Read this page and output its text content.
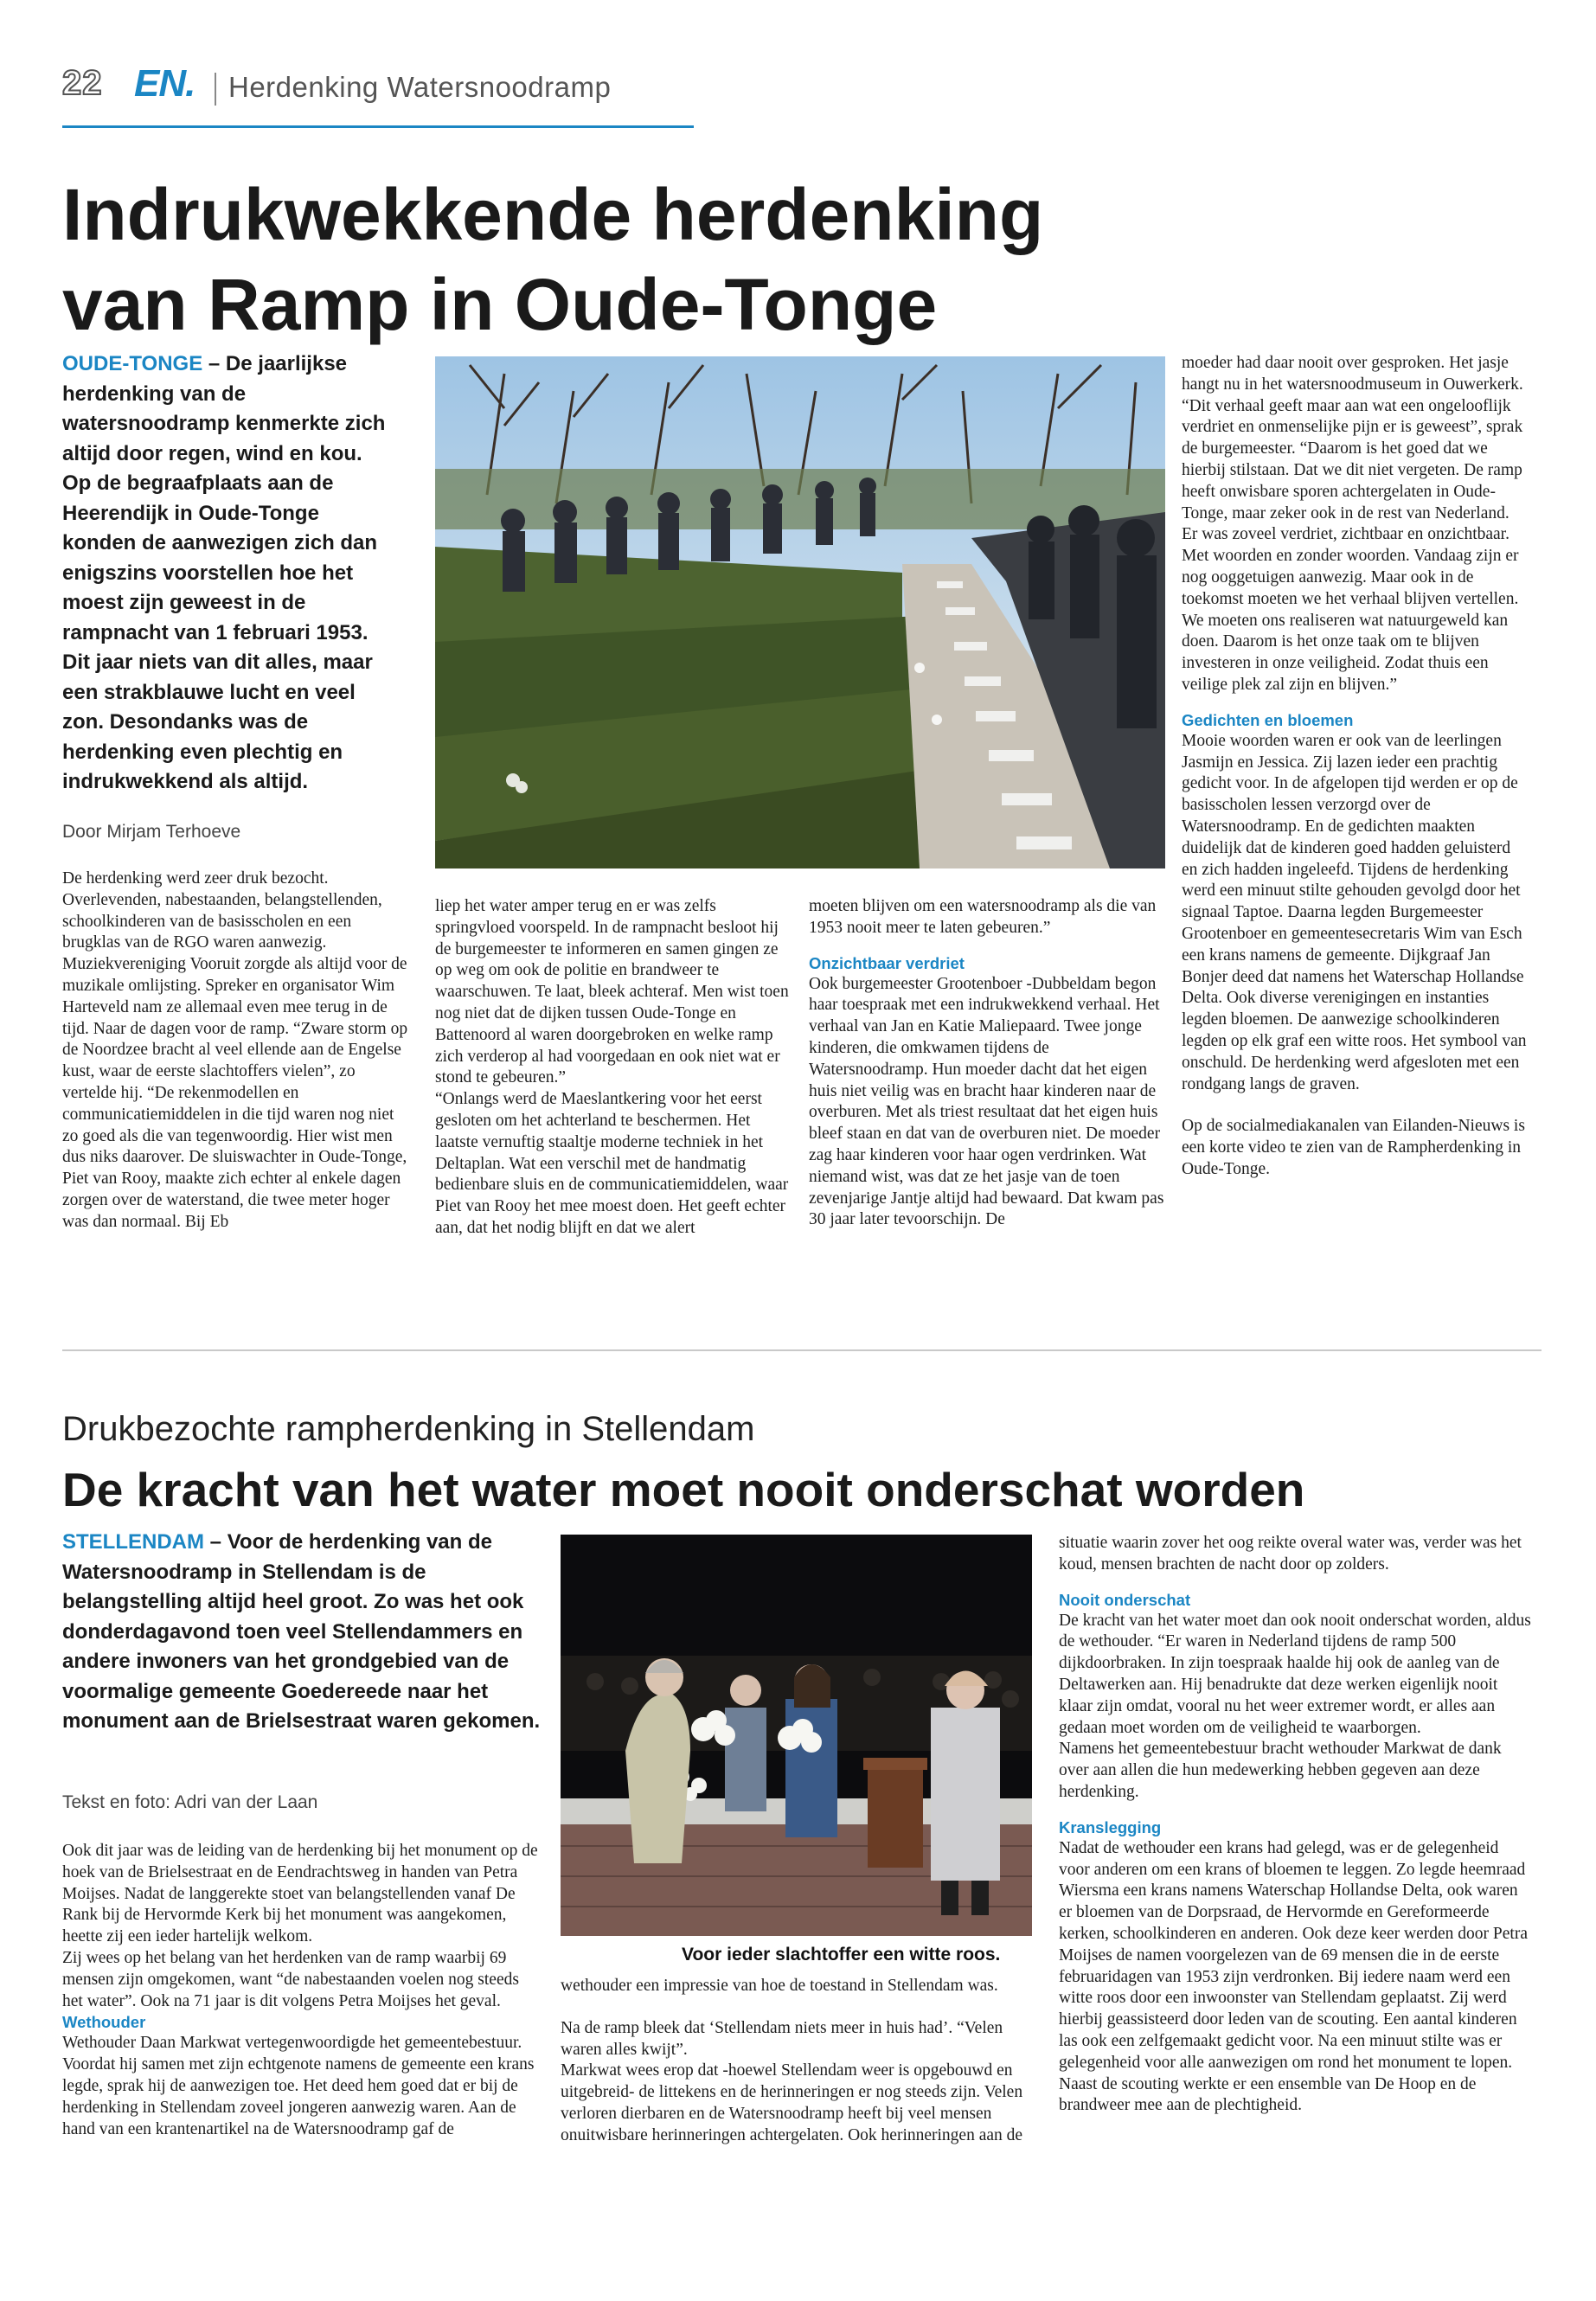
22 EN. Herdenking Watersnoodramp
Indrukwekkende herdenking
van Ramp in Oude-Tonge
OUDE-TONGE – De jaarlijkse herdenking van de watersnoodramp kenmerkte zich altijd door regen, wind en kou. Op de begraafplaats aan de Heerendijk in Oude-Tonge konden de aanwezigen zich dan enigszins voorstellen hoe het moest zijn geweest in de rampnacht van 1 februari 1953. Dit jaar niets van dit alles, maar een strakblauwe lucht en veel zon. Desondanks was de herdenking even plechtig en indrukwekkend als altijd.
Door Mirjam Terhoeve
De herdenking werd zeer druk bezocht. Overlevenden, nabestaanden, belangstellenden, schoolkinderen van de basisscholen en een brugklas van de RGO waren aanwezig. Muziekvereniging Vooruit zorgde als altijd voor de muzikale omlijsting. Spreker en organisator Wim Harteveld nam ze allemaal even mee terug in de tijd. Naar de dagen voor de ramp. “Zware storm op de Noordzee bracht al veel ellende aan de Engelse kust, waar de eerste slachtoffers vielen”, zo vertelde hij. “De rekenmodellen en communicatiemiddelen in die tijd waren nog niet zo goed als die van tegenwoordig. Hier wist men dus niks daarover. De sluiswachter in Oude-Tonge, Piet van Rooy, maakte zich echter al enkele dagen zorgen over de waterstand, die twee meter hoger was dan normaal. Bij Eb
liep het water amper terug en er was zelfs springvloed voorspeld. In de rampnacht besloot hij de burgemeester te informeren en samen gingen ze op weg om ook de politie en brandweer te waarschuwen. Te laat, bleek achteraf. Men wist toen nog niet dat de dijken tussen Oude-Tonge en Battenoord al waren doorgebroken en welke ramp zich verderop al had voorgedaan en ook niet wat er stond te gebeuren.”
“Onlangs werd de Maeslantkering voor het eerst gesloten om het achterland te beschermen. Het laatste vernuftig staaltje moderne techniek in het Deltaplan. Wat een verschil met de handmatig bedienbare sluis en de communicatiemiddelen, waar Piet van Rooy het mee moest doen. Het geeft echter aan, dat het nodig blijft en dat we alert
moeten blijven om een watersnoodramp als die van 1953 nooit meer te laten gebeuren.”
Onzichtbaar verdriet
Ook burgemeester Grootenboer -Dubbeldam begon haar toespraak met een indrukwekkend verhaal. Het verhaal van Jan en Katie Maliepaard. Twee jonge kinderen, die omkwamen tijdens de Watersnoodramp. Hun moeder dacht dat het eigen huis niet veilig was en bracht haar kinderen naar de overburen. Met als triest resultaat dat het eigen huis bleef staan en dat van de overburen niet. De moeder zag haar kinderen voor haar ogen verdrinken. Wat niemand wist, was dat ze het jasje van de toen zevenjarige Jantje altijd had bewaard. Dat kwam pas 30 jaar later tevoorschijn. De
moeder had daar nooit over gesproken. Het jasje hangt nu in het watersnoodmuseum in Ouwerkerk. “Dit verhaal geeft maar aan wat een ongelooflijk verdriet en onmenselijke pijn er is geweest”, sprak de burgemeester. “Daarom is het goed dat we hierbij stilstaan. Dat we dit niet vergeten. De ramp heeft onwisbare sporen achtergelaten in Oude-Tonge, maar zeker ook in de rest van Nederland. Er was zoveel verdriet, zichtbaar en onzichtbaar. Met woorden en zonder woorden. Vandaag zijn er nog ooggetuigen aanwezig. Maar ook in de toekomst moeten we het verhaal blijven vertellen. We moeten ons realiseren wat natuurgeweld kan doen. Daarom is het onze taak om te blijven investeren in onze veiligheid. Zodat thuis een veilige plek zal zijn en blijven.”
Gedichten en bloemen
Mooie woorden waren er ook van de leerlingen Jasmijn en Jessica. Zij lazen ieder een prachtig gedicht voor. In de afgelopen tijd werden er op de basisscholen lessen verzorgd over de Watersnoodramp. En de gedichten maakten duidelijk dat de kinderen goed hadden geluisterd en zich hadden ingeleefd. Tijdens de herdenking werd een minuut stilte gehouden gevolgd door het signaal Taptoe. Daarna legden Burgemeester Grootenboer en gemeentesecretaris Wim van Esch een krans namens de gemeente. Dijkgraaf Jan Bonjer deed dat namens het Waterschap Hollandse Delta. Ook diverse verenigingen en instanties legden bloemen. De aanwezige schoolkinderen legden op elk graf een witte roos. Het symbool van onschuld. De herdenking werd afgesloten met een rondgang langs de graven.
Op de socialmediakanalen van Eilanden-Nieuws is een korte video te zien van de Rampherdenking in Oude-Tonge.
Drukbezochte rampherdenking in Stellendam
De kracht van het water moet nooit onderschat worden
STELLENDAM – Voor de herdenking van de Watersnoodramp in Stellendam is de belangstelling altijd heel groot. Zo was het ook donderdagavond toen veel Stellendammers en andere inwoners van het grondgebied van de voormalige gemeente Goedereede naar het monument aan de Brielsestraat waren gekomen.
Tekst en foto: Adri van der Laan
Ook dit jaar was de leiding van de herdenking bij het monument op de hoek van de Brielsestraat en de Eendrachtsweg in handen van Petra Moijses. Nadat de langgerekte stoet van belangstellenden vanaf De Rank bij de Hervormde Kerk bij het monument was aangekomen, heette zij een ieder hartelijk welkom.
Zij wees op het belang van het herdenken van de ramp waarbij 69 mensen zijn omgekomen, want “de nabestaanden voelen nog steeds het water”. Ook na 71 jaar is dit volgens Petra Moijses het geval.
Wethouder
Wethouder Daan Markwat vertegenwoordigde het gemeentebestuur. Voordat hij samen met zijn echtgenote namens de gemeente een krans legde, sprak hij de aanwezigen toe. Het deed hem goed dat er bij de herdenking in Stellendam zoveel jongeren aanwezig waren. Aan de hand van een krantenartikel na de Watersnoodramp gaf de
Voor ieder slachtoffer een witte roos.
wethouder een impressie van hoe de toestand in Stellendam was.
Na de ramp bleek dat ‘Stellendam niets meer in huis had’. “Velen waren alles kwijt”.
Markwat wees erop dat -hoewel Stellendam weer is opgebouwd en uitgebreid- de littekens en de herinneringen er nog steeds zijn. Velen verloren dierbaren en de Watersnoodramp heeft bij veel mensen onuitwisbare herinneringen achtergelaten. Ook herinneringen aan de
situatie waarin zover het oog reikte overal water was, verder was het koud, mensen brachten de nacht door op zolders.
Nooit onderschat
De kracht van het water moet dan ook nooit onderschat worden, aldus de wethouder. “Er waren in Nederland tijdens de ramp 500 dijkdoorbraken. In zijn toespraak haalde hij ook de aanleg van de Deltawerken aan. Hij benadrukte dat deze werken eigenlijk nooit klaar zijn omdat, vooral nu het weer extremer wordt, er alles aan gedaan moet worden om de veiligheid te waarborgen.
Namens het gemeentebestuur bracht wethouder Markwat de dank over aan allen die hun medewerking hebben gegeven aan deze herdenking.
Kranslegging
Nadat de wethouder een krans had gelegd, was er de gelegenheid voor anderen om een krans of bloemen te leggen. Zo legde heemraad Wiersma een krans namens Waterschap Hollandse Delta, ook waren er bloemen van de Dorpsraad, de Hervormde en Gereformeerde kerken, schoolkinderen en anderen. Ook deze keer werden door Petra Moijses de namen voorgelezen van de 69 mensen die in de eerste februaridagen van 1953 zijn verdronken. Bij iedere naam werd een witte roos door een inwoonster van Stellendam geplaatst. Zij werd hierbij geassisteerd door leden van de scouting. Een aantal kinderen las ook een zelfgemaakt gedicht voor. Na een minuut stilte was er gelegenheid voor alle aanwezigen om rond het monument te lopen. Naast de scouting werkte er een ensemble van De Hoop en de brandweer mee aan de plechtigheid.
